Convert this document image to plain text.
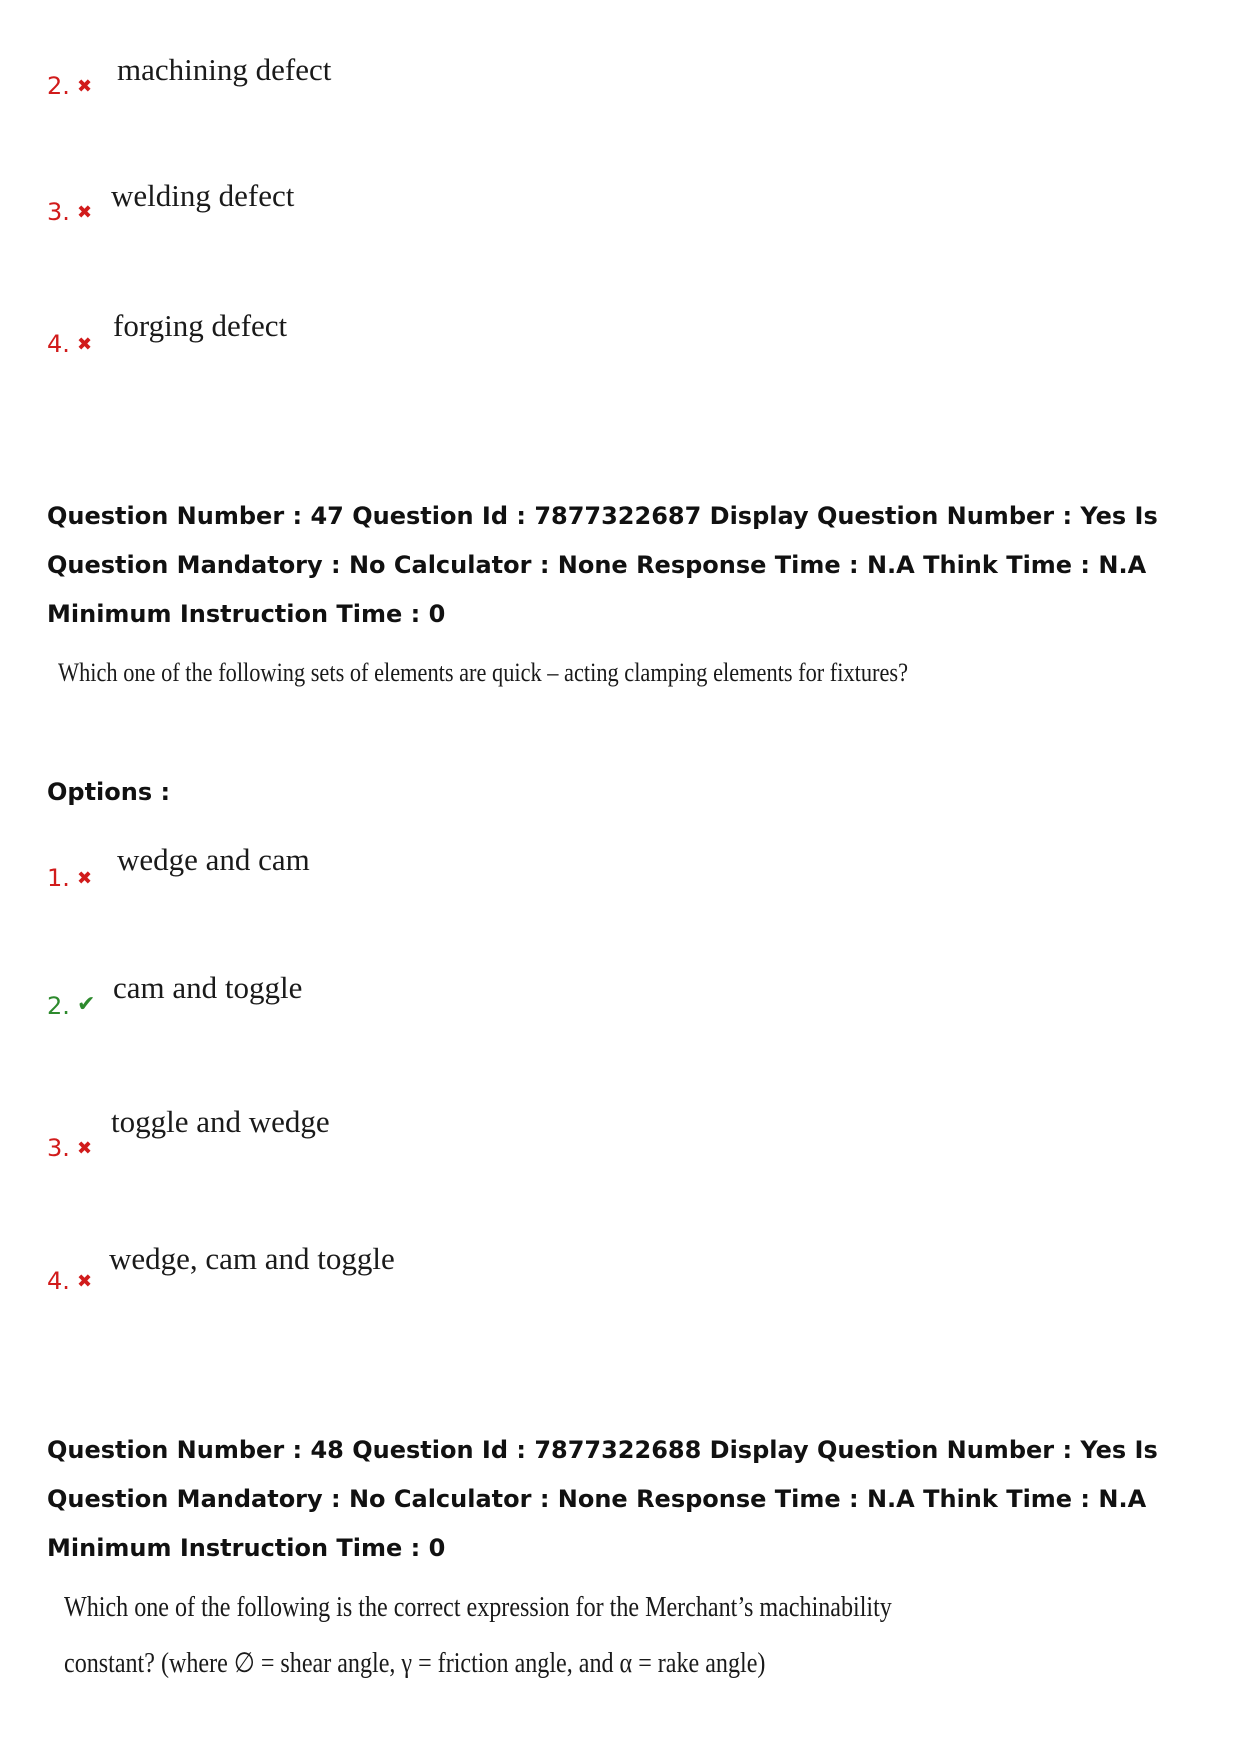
2. ✖ machining defect
3. ✖ welding defect
4. ✖
forging defect
Question Number : 47 Question Id : 7877322687 Display Question Number : Yes Is Question Mandatory : No Calculator : None Response Time : N.A Think Time : N.A Minimum Instruction Time : 0
Which one of the following sets of elements are quick – acting clamping elements for fixtures?
Options :
1. ✖
wedge and cam
2. ✔ cam and toggle
3. ✖
toggle and wedge
4. ✖
wedge, cam and toggle
Question Number : 48 Question Id : 7877322688 Display Question Number : Yes Is Question Mandatory : No Calculator : None Response Time : N.A Think Time : N.A Minimum Instruction Time : 0
Which one of the following is the correct expression for the Merchant’s machinability
constant? (where ∅ = shear angle, γ = friction angle, and α = rake angle)
